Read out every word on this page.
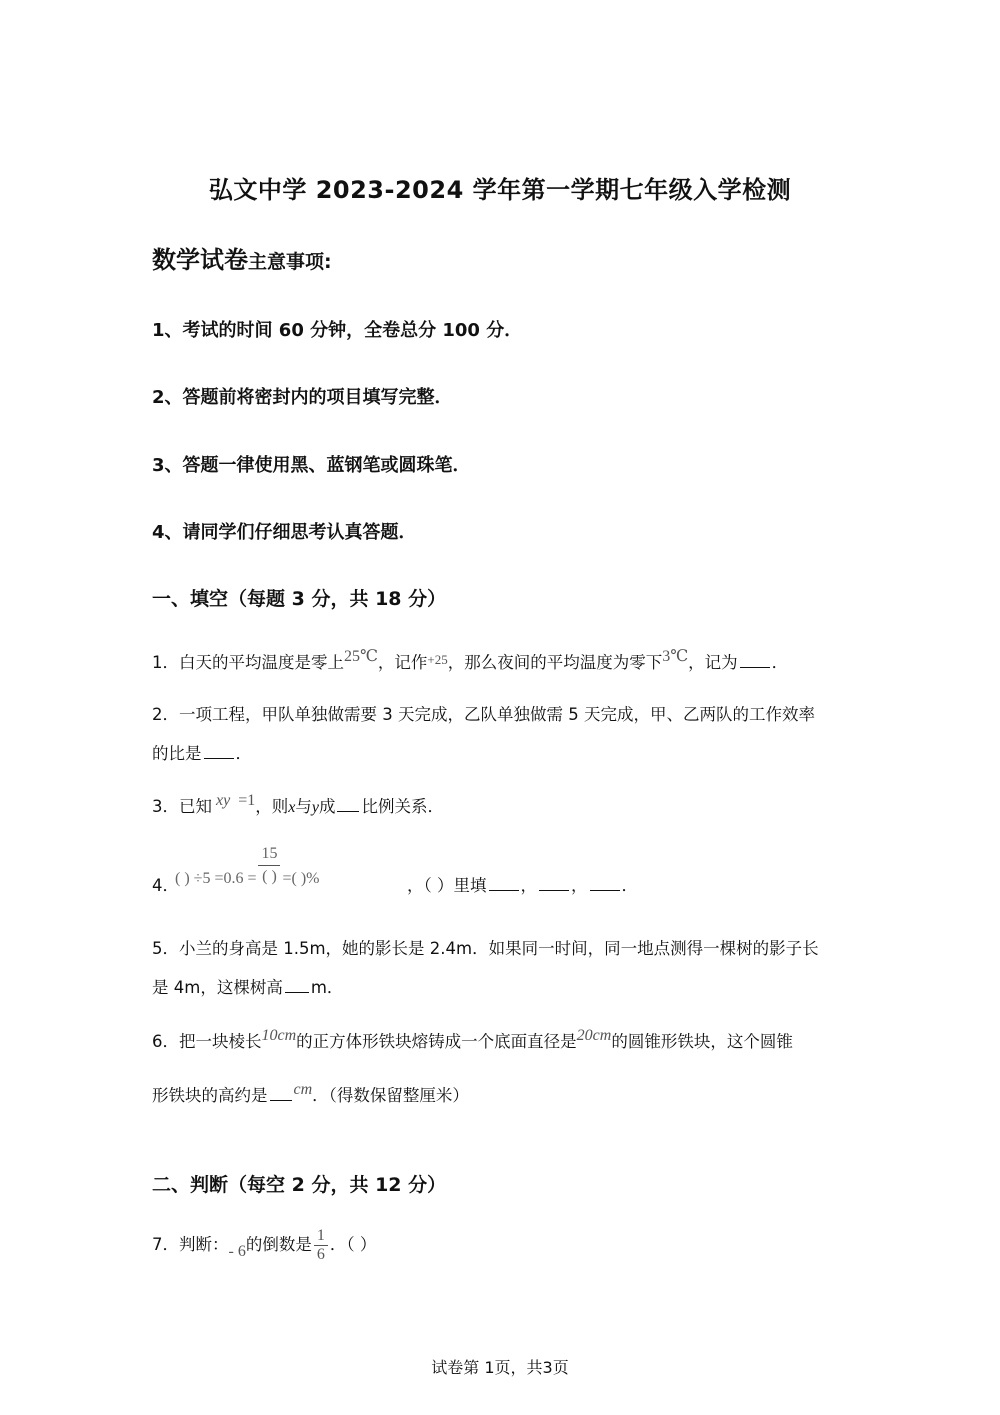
弘文中学 2023-2024 学年第一学期七年级入学检测
数学试卷主意事项:
1、考试的时间 60 分钟，全卷总分 100 分．
2、答题前将密封内的项目填写完整．
3、答题一律使用黑、蓝钢笔或圆珠笔．
4、请同学们仔细思考认真答题．
一、填空（每题 3 分，共 18 分）
1．白天的平均温度是零上25℃，记作$^{+25}$，那么夜间的平均温度为零下3℃，记为 ．
2．一项工程，甲队单独做需要 3 天完成，乙队单独做需 5 天完成，甲、乙两队的工作效率
的比是 ．
3．已知 xy =1，则x与y成 比例关系．
( ) $\div 5 =0.6 = \frac{15}{( )}$ =( )%
4．	，（ ）里填 ， ， ．
5．小兰的身高是 1.5m，她的影长是 2.4m．如果同一时间，同一地点测得一棵树的影子长
是 4m，这棵树高 m．
6．把一块棱长10cm的正方体形铁块熔铸成一个底面直径是20cm的圆锥形铁块，这个圆锥
形铁块的高约是 cm．（得数保留整厘米）
二、判断（每空 2 分，共 12 分）
7．判断：- 6的倒数是 $\frac{1}{6}$ ．（ ）
试卷第 1页，共3页
